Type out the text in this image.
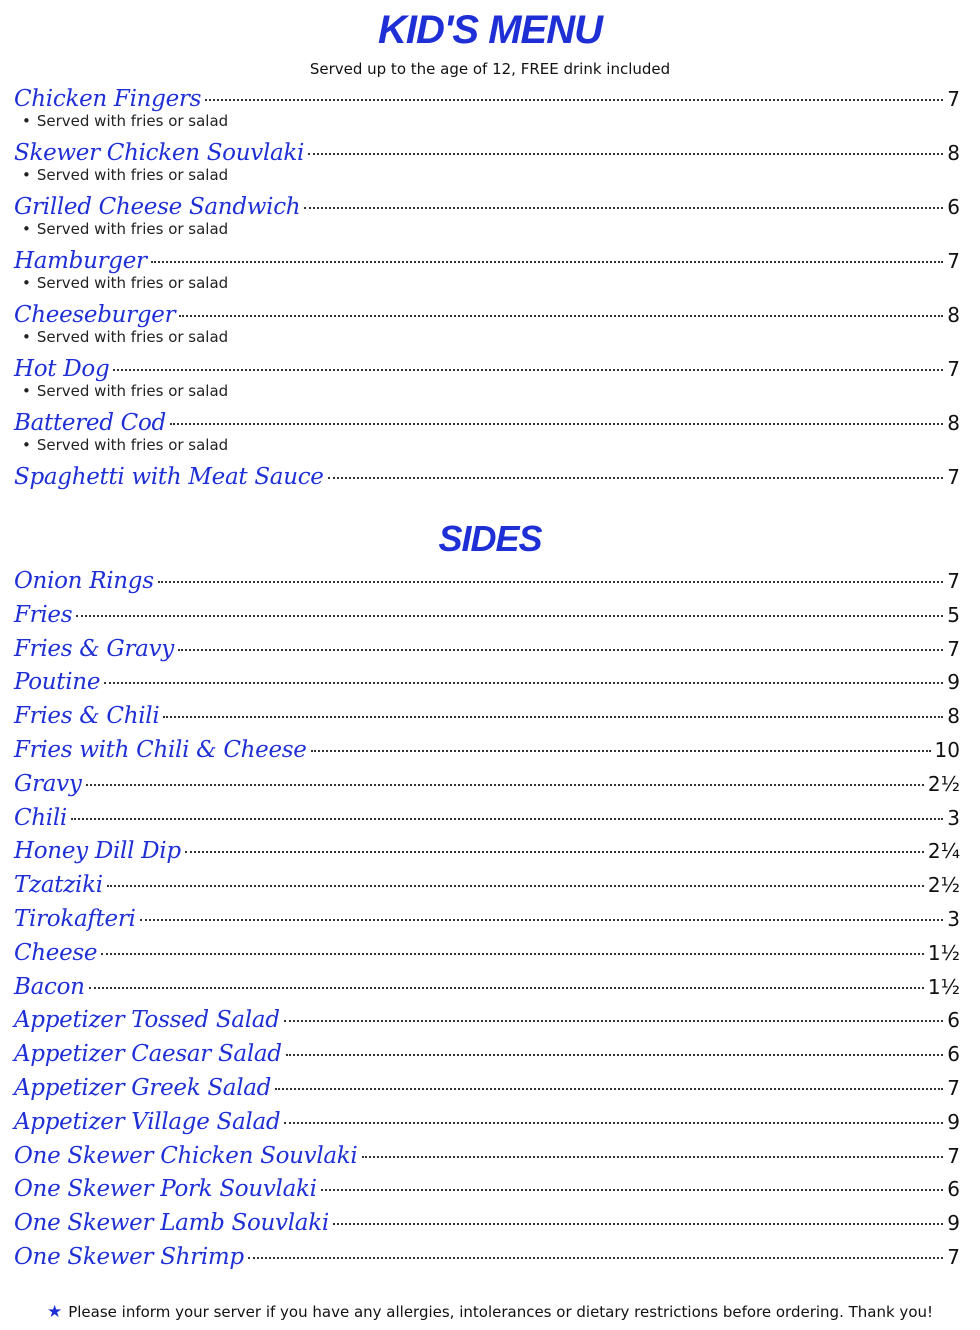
KID'S MENU
Served up to the age of 12, FREE drink included
Chicken Fingers	7
• Served with fries or salad
Skewer Chicken Souvlaki	8
• Served with fries or salad
Grilled Cheese Sandwich	6
• Served with fries or salad
Hamburger	7
• Served with fries or salad
Cheeseburger	8
• Served with fries or salad
Hot Dog	7
• Served with fries or salad
Battered Cod	8
• Served with fries or salad
Spaghetti with Meat Sauce	7
SIDES
Onion Rings	7
Fries	5
Fries & Gravy	7
Poutine	9
Fries & Chili	8
Fries with Chili & Cheese	10
Gravy	2½
Chili	3
Honey Dill Dip	2¼
Tzatziki	2½
Tirokafteri	3
Cheese	1½
Bacon	1½
Appetizer Tossed Salad	6
Appetizer Caesar Salad	6
Appetizer Greek Salad	7
Appetizer Village Salad	9
One Skewer Chicken Souvlaki	7
One Skewer Pork Souvlaki	6
One Skewer Lamb Souvlaki	9
One Skewer Shrimp	7
★ Please inform your server if you have any allergies, intolerances or dietary restrictions before ordering. Thank you!
